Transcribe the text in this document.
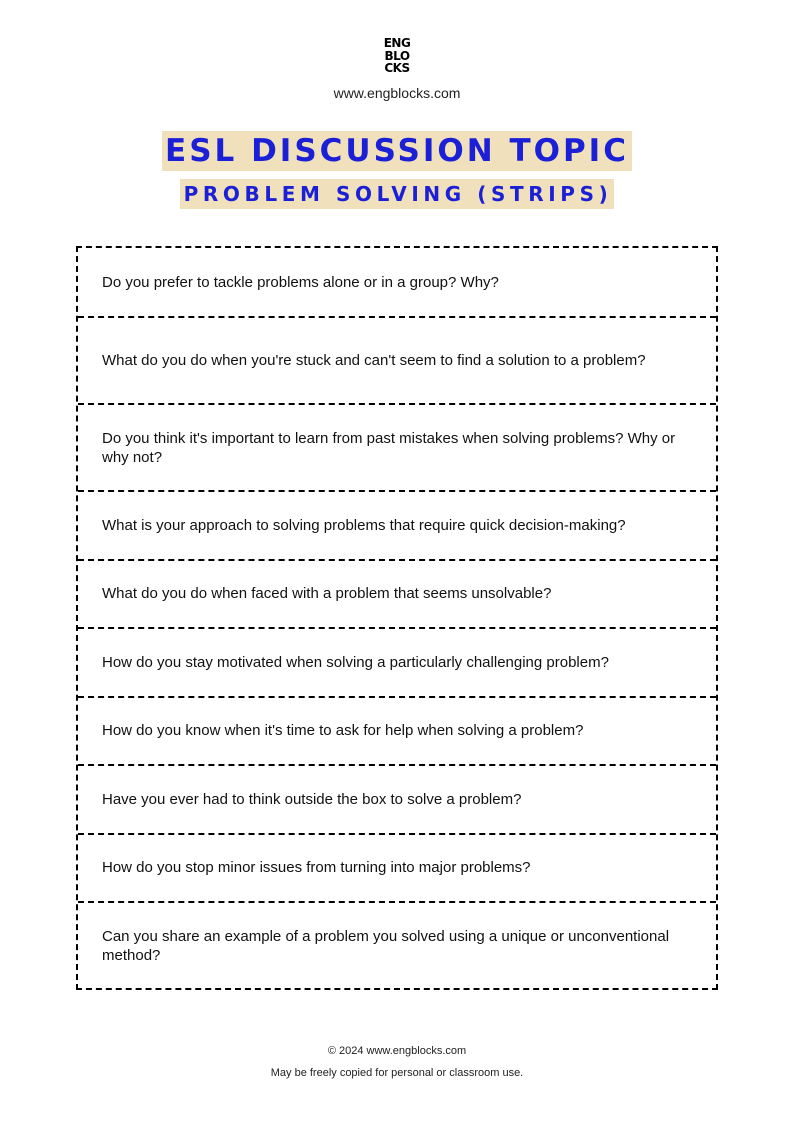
ENG
BLO
CKS
www.engblocks.com
ESL DISCUSSION TOPIC
PROBLEM SOLVING (STRIPS)
Do you prefer to tackle problems alone or in a group? Why?
What do you do when you're stuck and can't seem to find a solution to a problem?
Do you think it's important to learn from past mistakes when solving problems? Why or why not?
What is your approach to solving problems that require quick decision-making?
What do you do when faced with a problem that seems unsolvable?
How do you stay motivated when solving a particularly challenging problem?
How do you know when it's time to ask for help when solving a problem?
Have you ever had to think outside the box to solve a problem?
How do you stop minor issues from turning into major problems?
Can you share an example of a problem you solved using a unique or unconventional method?
© 2024 www.engblocks.com
May be freely copied for personal or classroom use.
